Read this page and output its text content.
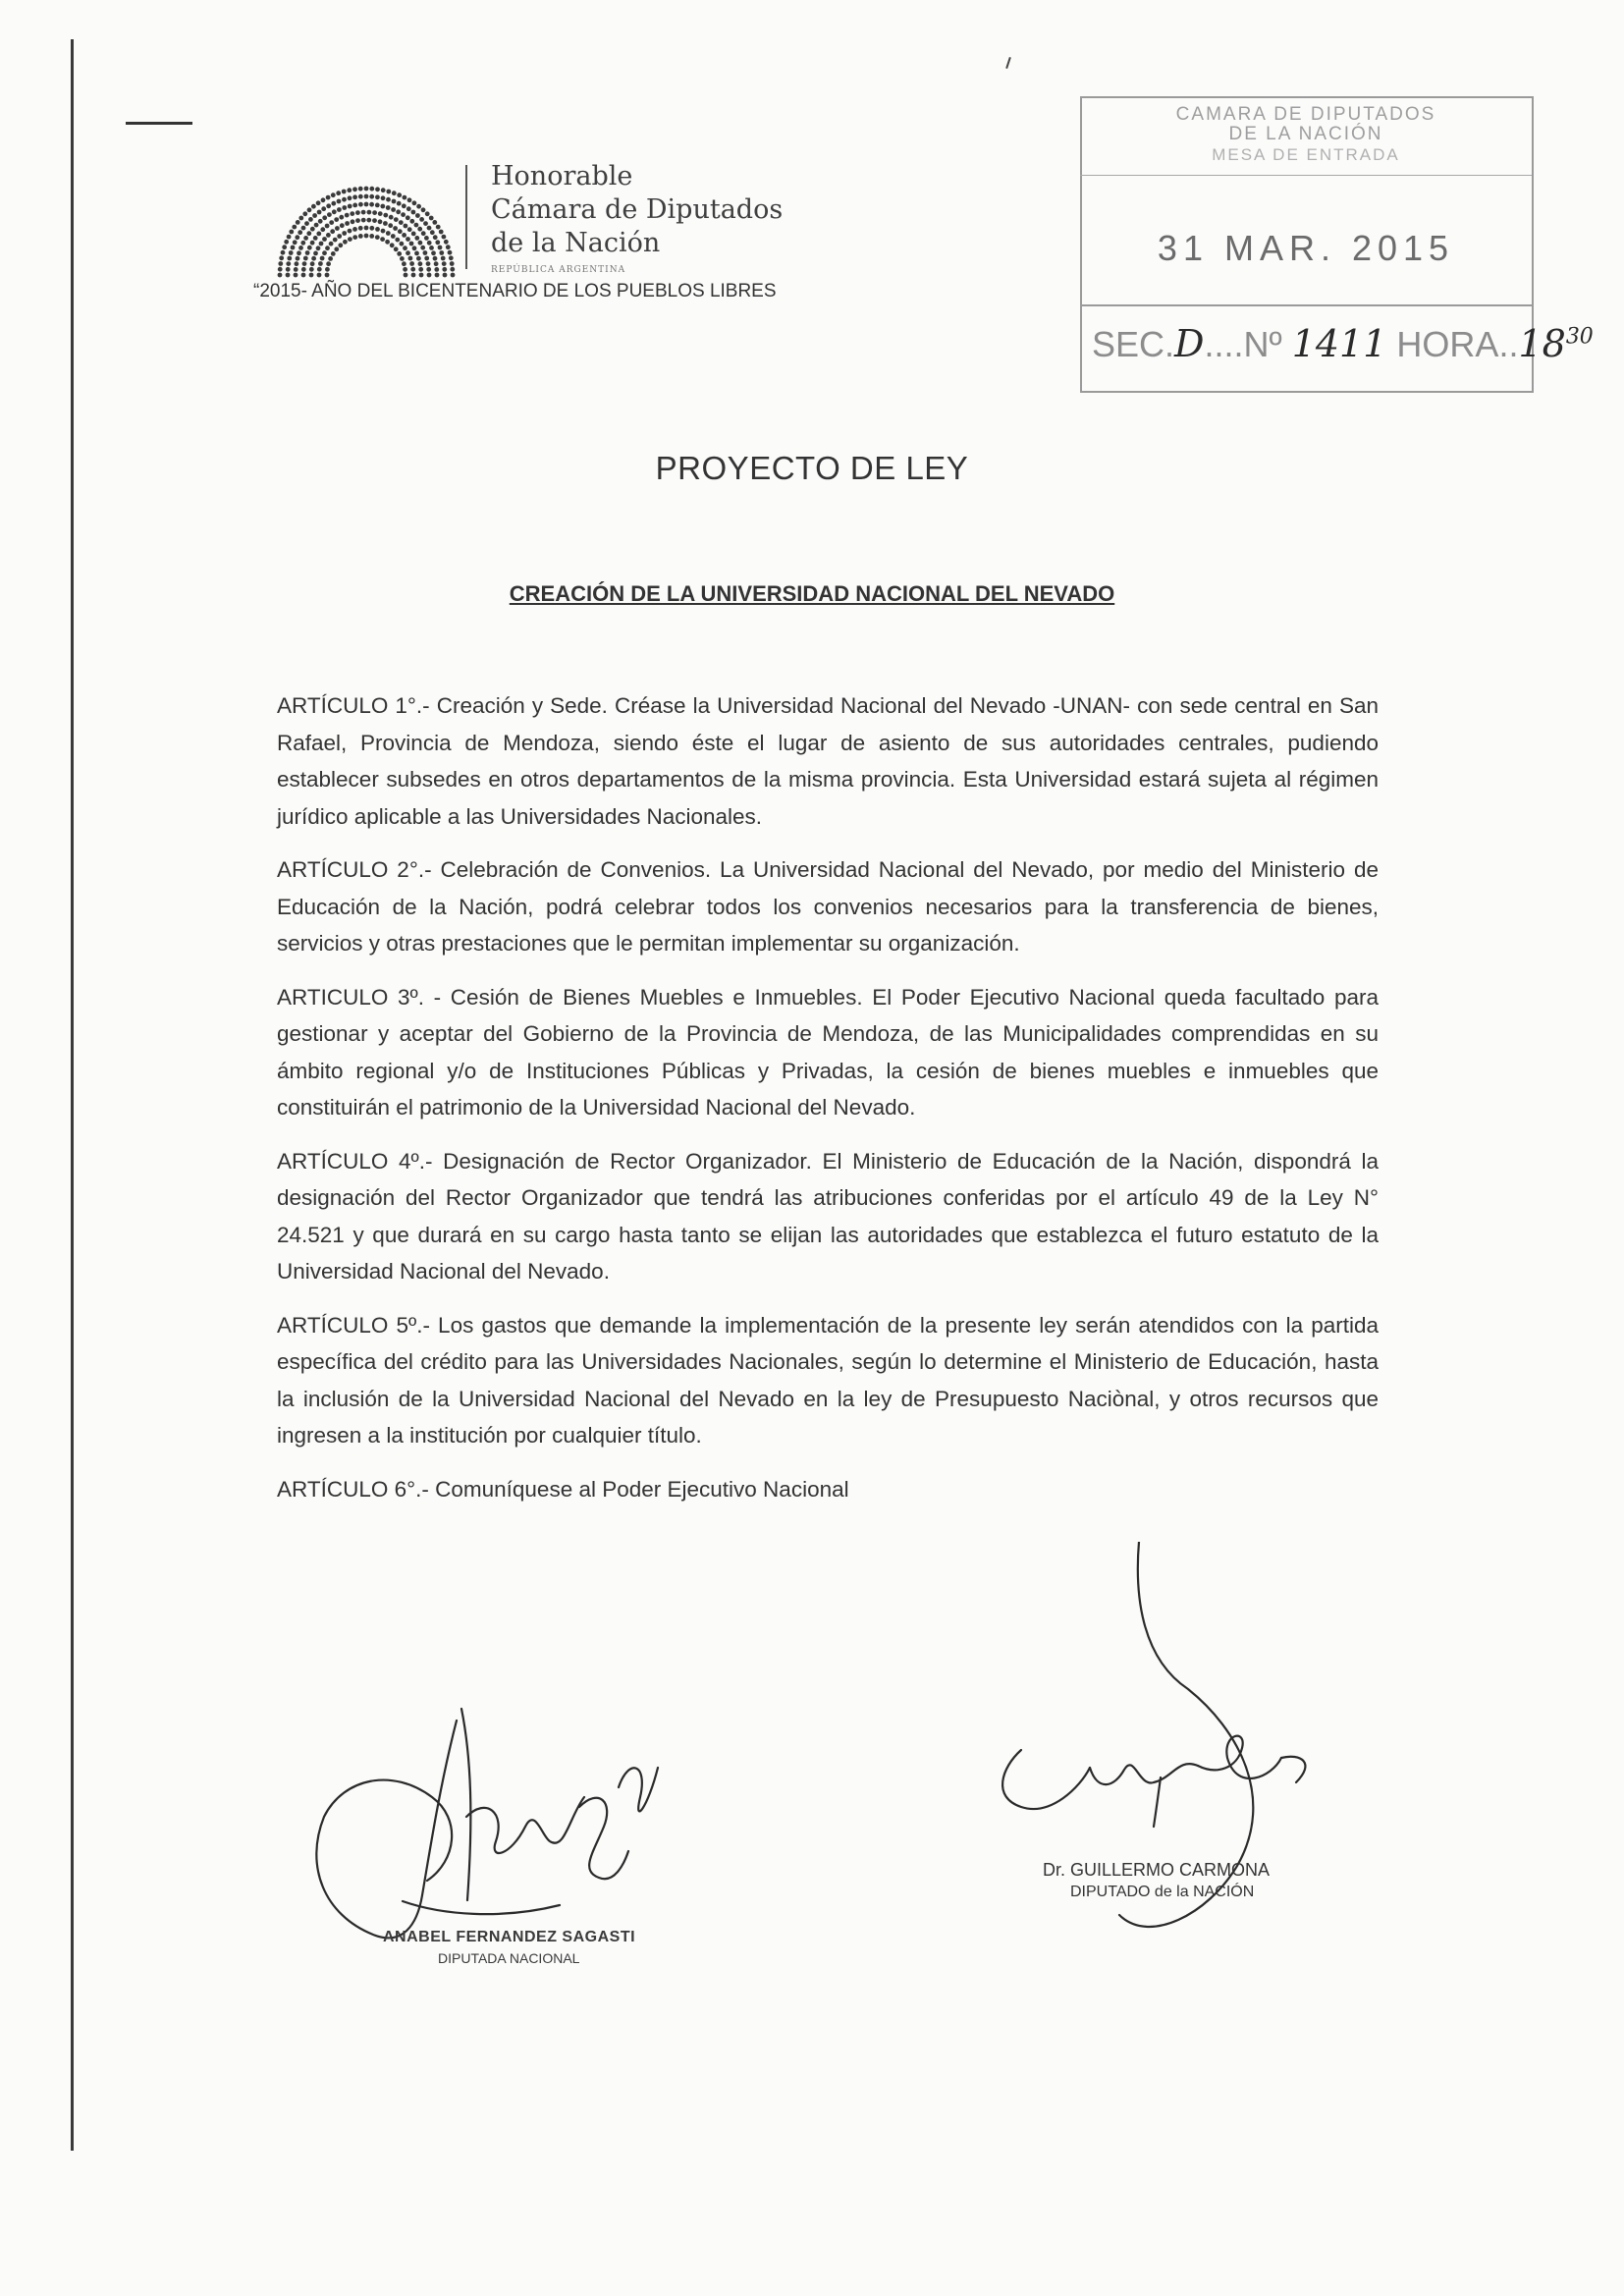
Honorable
Cámara de Diputados
de la Nación
REPÚBLICA ARGENTINA
“2015- AÑO DEL BICENTENARIO DE LOS PUEBLOS LIBRES
CAMARA DE DIPUTADOS
DE LA NACIÓN
MESA DE ENTRADA
31 MAR. 2015
SEC.D....Nº 1411 HORA..18$^{30}$
PROYECTO DE LEY
CREACIÓN DE LA UNIVERSIDAD NACIONAL DEL NEVADO

ARTÍCULO 1°.- Creación y Sede. Créase la Universidad Nacional del Nevado -UNAN- con sede central en San Rafael, Provincia de Mendoza, siendo éste el lugar de asiento de sus autoridades centrales, pudiendo establecer subsedes en otros departamentos de la misma provincia. Esta Universidad estará sujeta al régimen jurídico aplicable a las Universidades Nacionales.

ARTÍCULO 2°.- Celebración de Convenios. La Universidad Nacional del Nevado, por medio del Ministerio de Educación de la Nación, podrá celebrar todos los convenios necesarios para la transferencia de bienes, servicios y otras prestaciones que le permitan implementar su organización.

ARTICULO 3º. - Cesión de Bienes Muebles e Inmuebles. El Poder Ejecutivo Nacional queda facultado para gestionar y aceptar del Gobierno de la Provincia de Mendoza, de las Municipalidades comprendidas en su ámbito regional y/o de Instituciones Públicas y Privadas, la cesión de bienes muebles e inmuebles que constituirán el patrimonio de la Universidad Nacional del Nevado.

ARTÍCULO 4º.- Designación de Rector Organizador. El Ministerio de Educación de la Nación, dispondrá la designación del Rector Organizador que tendrá las atribuciones conferidas por el artículo 49 de la Ley N° 24.521 y que durará en su cargo hasta tanto se elijan las autoridades que establezca el futuro estatuto de la Universidad Nacional del Nevado.

ARTÍCULO 5º.- Los gastos que demande la implementación de la presente ley serán atendidos con la partida específica del crédito para las Universidades Nacionales, según lo determine el Ministerio de Educación, hasta la inclusión de la Universidad Nacional del Nevado en la ley de Presupuesto Naciònal, y otros recursos que ingresen a la institución por cualquier título.

ARTÍCULO 6°.- Comuníquese al Poder Ejecutivo Nacional

ANABEL FERNANDEZ SAGASTI
DIPUTADA NACIONAL
Dr. GUILLERMO CARMONA
DIPUTADO de la NACIÓN
